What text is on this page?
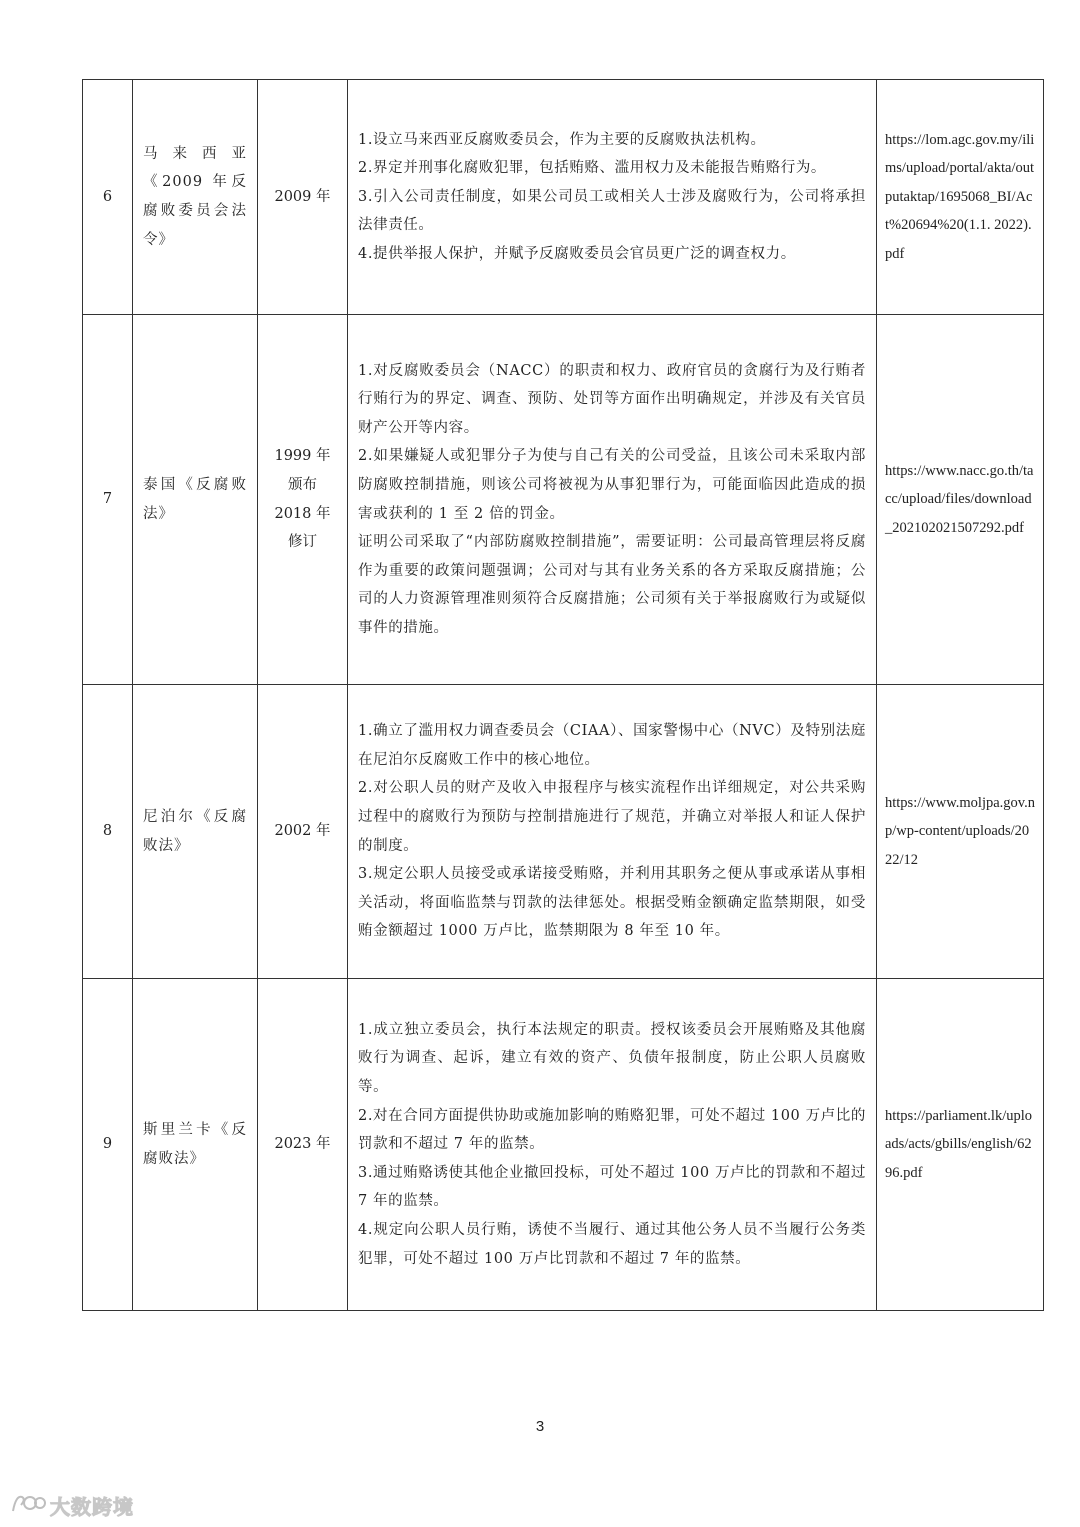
6	马 来 西 亚《2009 年反腐败委员会法令》	2009 年	1.设立马来西亚反腐败委员会，作为主要的反腐败执法机构。

2.界定并刑事化腐败犯罪，包括贿赂、滥用权力及未能报告贿赂行为。

3.引入公司责任制度，如果公司员工或相关人士涉及腐败行为，公司将承担法律责任。

4.提供举报人保护，并赋予反腐败委员会官员更广泛的调查权力。	https://lom.agc.gov.my/ilims/upload/portal/akta/outputaktap/1695068_BI/Act%20694%20(1.1. 2022).pdf
7	泰国《反腐败法》	1999 年颁布 2018 年修订	1.对反腐败委员会（NACC）的职责和权力、政府官员的贪腐行为及行贿者行贿行为的界定、调查、预防、处罚等方面作出明确规定，并涉及有关官员财产公开等内容。

2.如果嫌疑人或犯罪分子为使与自己有关的公司受益，且该公司未采取内部防腐败控制措施，则该公司将被视为从事犯罪行为，可能面临因此造成的损害或获利的 1 至 2 倍的罚金。

证明公司采取了“内部防腐败控制措施”，需要证明：公司最高管理层将反腐作为重要的政策问题强调；公司对与其有业务关系的各方采取反腐措施；公司的人力资源管理准则须符合反腐措施；公司须有关于举报腐败行为或疑似事件的措施。	https://www.nacc.go.th/tacc/upload/files/download_202102021507292.pdf
8	尼泊尔《反腐败法》	2002 年	1.确立了滥用权力调查委员会（CIAA）、国家警惕中心（NVC）及特别法庭在尼泊尔反腐败工作中的核心地位。

2.对公职人员的财产及收入申报程序与核实流程作出详细规定，对公共采购过程中的腐败行为预防与控制措施进行了规范，并确立对举报人和证人保护的制度。

3.规定公职人员接受或承诺接受贿赂，并利用其职务之便从事或承诺从事相关活动，将面临监禁与罚款的法律惩处。根据受贿金额确定监禁期限，如受贿金额超过 1000 万卢比，监禁期限为 8 年至 10 年。	https://www.moljpa.gov.np/wp-content/uploads/2022/12
9	斯里兰卡《反腐败法》	2023 年	1.成立独立委员会，执行本法规定的职责。授权该委员会开展贿赂及其他腐败行为调查、起诉，建立有效的资产、负债年报制度，防止公职人员腐败等。

2.对在合同方面提供协助或施加影响的贿赂犯罪，可处不超过 100 万卢比的罚款和不超过 7 年的监禁。

3.通过贿赂诱使其他企业撤回投标，可处不超过 100 万卢比的罚款和不超过 7 年的监禁。

4.规定向公职人员行贿，诱使不当履行、通过其他公务人员不当履行公务类犯罪，可处不超过 100 万卢比罚款和不超过 7 年的监禁。	https://parliament.lk/uploads/acts/gbills/english/6296.pdf
3
大数跨境
